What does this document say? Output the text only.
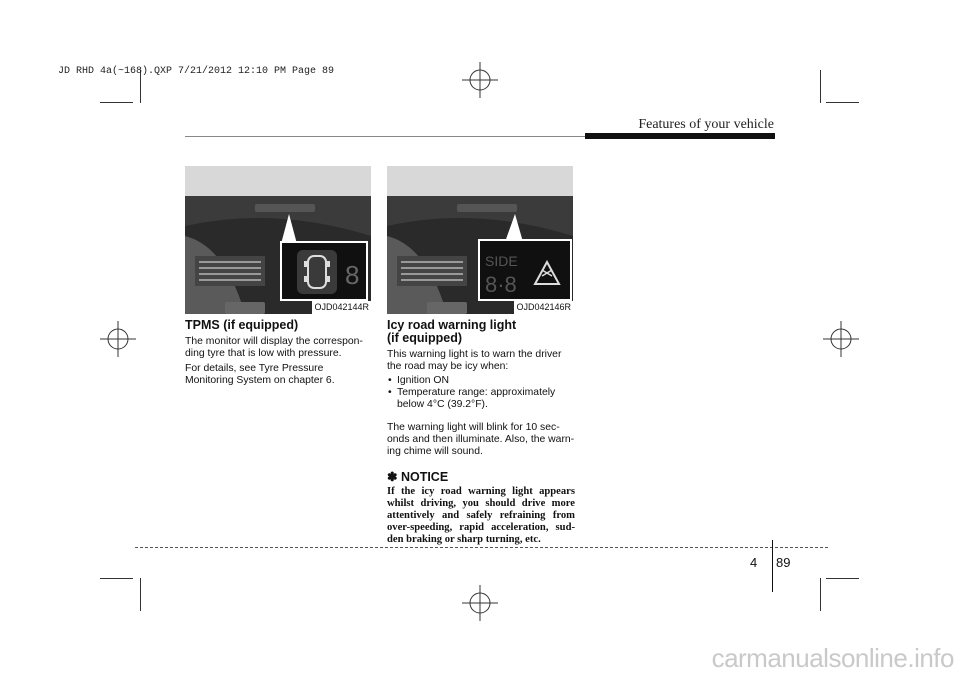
JD RHD 4a(~168).QXP 7/21/2012 12:10 PM Page 89
Features of your vehicle
8
OJD042144R
TPMS (if equipped)

The monitor will display the correspon-ding tyre that is low with pressure.

For details, see Tyre Pressure Monitoring System on chapter 6.

SIDE
8·8
OJD042146R
Icy road warning light
(if equipped)

This warning light is to warn the driver the road may be icy when:

• Ignition ON
• Temperature range: approximately below 4°C (39.2°F).

The warning light will blink for 10 sec-onds and then illuminate. Also, the warn-ing chime will sound.

✽ NOTICE
If the icy road warning light appears whilst driving, you should drive more attentively and safely refraining from over-speeding, rapid acceleration, sud-den braking or sharp turning, etc.
4 89
carmanualsonline.info
